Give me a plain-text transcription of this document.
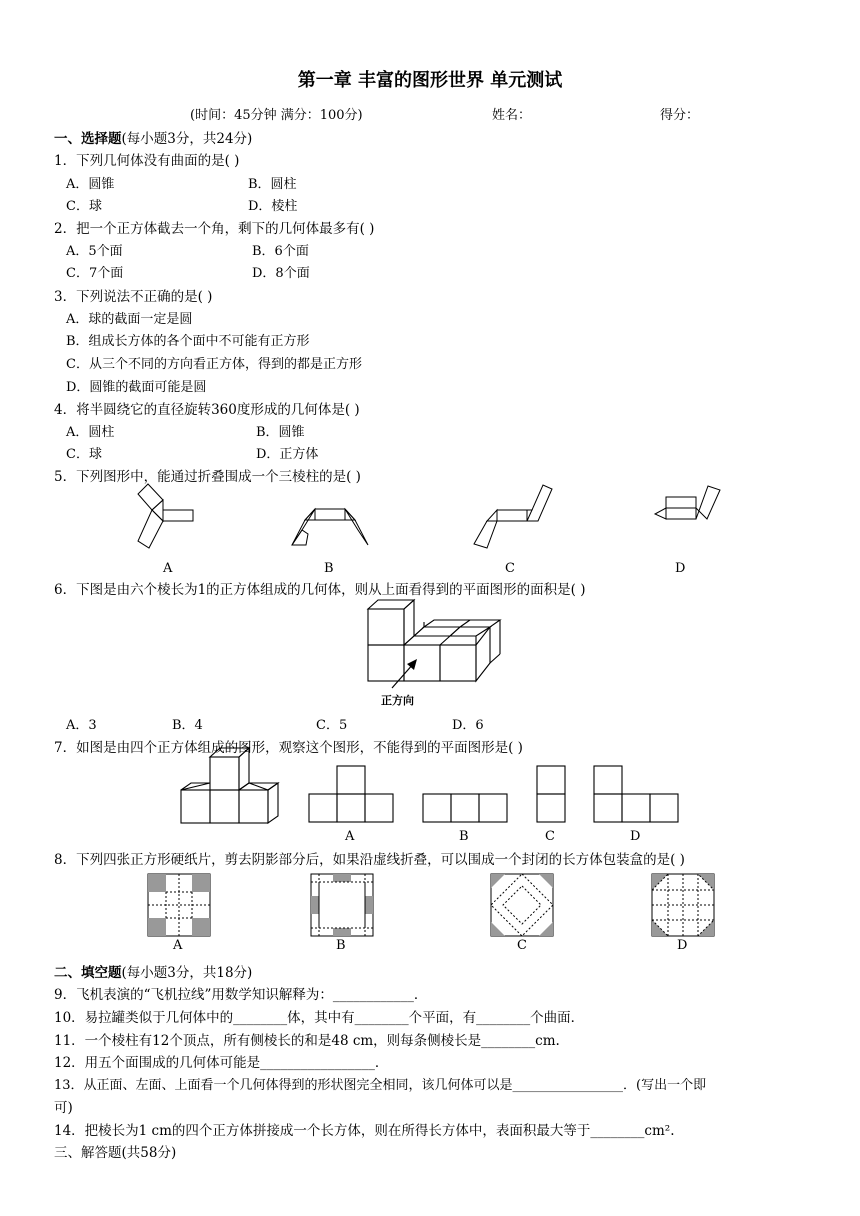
第一章 丰富的图形世界 单元测试
(时间：45分钟 满分：100分)	姓名：	得分：
一、选择题(每小题3分，共24分)
1．下列几何体没有曲面的是( )
A．圆锥	B．圆柱
C．球	D．棱柱
2．把一个正方体截去一个角，剩下的几何体最多有( )
A．5个面	B．6个面
C．7个面	D．8个面
3．下列说法不正确的是( )
A．球的截面一定是圆
B．组成长方体的各个面中不可能有正方形
C．从三个不同的方向看正方体，得到的都是正方形
D．圆锥的截面可能是圆
4．将半圆绕它的直径旋转360度形成的几何体是( )
A．圆柱	B．圆锥
C．球	D．正方体
5．下列图形中，能通过折叠围成一个三棱柱的是( )
A	B	C	D
6．下图是由六个棱长为1的正方体组成的几何体，则从上面看得到的平面图形的面积是( )
正方向
A．3	B．4	C．5	D．6
7．如图是由四个正方体组成的图形，观察这个图形，不能得到的平面图形是( )
A	B	C	D
8．下列四张正方形硬纸片，剪去阴影部分后，如果沿虚线折叠，可以围成一个封闭的长方体包装盒的是( )
A	B	C	D
二、填空题(每小题3分，共18分)
9．飞机表演的“飞机拉线”用数学知识解释为：____________．
10．易拉罐类似于几何体中的________体，其中有________个平面，有________个曲面．
11．一个棱柱有12个顶点，所有侧棱长的和是48 cm，则每条侧棱长是________cm.
12．用五个面围成的几何体可能是_________________．
13．从正面、左面、上面看一个几何体得到的形状图完全相同，该几何体可以是_________________．(写出一个即
可)
14．把棱长为1 cm的四个正方体拼接成一个长方体，则在所得长方体中，表面积最大等于________cm².
三、解答题(共58分)
